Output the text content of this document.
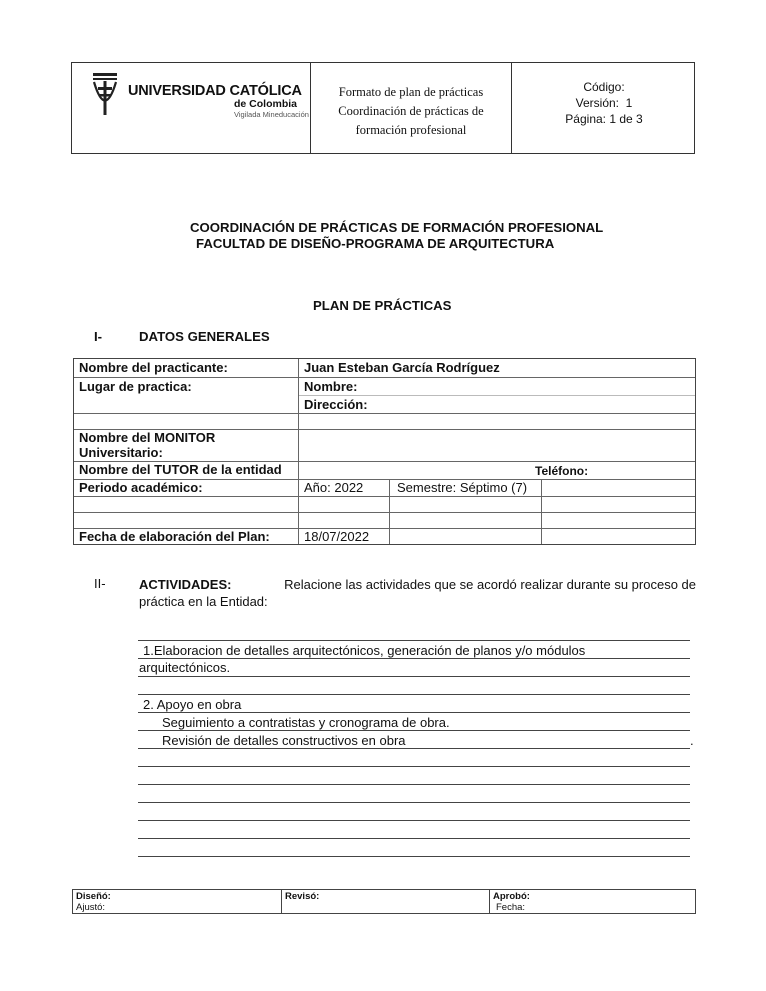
UNIVERSIDAD CATÓLICA
de Colombia
Vigilada Mineducación
Formato de plan de prácticas
Coordinación de prácticas de
formación profesional
Código:
Versión:  1
Página: 1 de 3
COORDINACIÓN DE PRÁCTICAS DE FORMACIÓN PROFESIONAL
FACULTAD DE DISEÑO-PROGRAMA DE ARQUITECTURA
PLAN DE PRÁCTICAS
I-	DATOS GENERALES
Nombre del practicante:	Juan Esteban García Rodríguez
Lugar de practica:	Nombre:
Dirección:
Nombre del MONITOR
Universitario:
Nombre del TUTOR de la entidad	Teléfono:
Periodo académico:	Año: 2022	Semestre: Séptimo (7)
Fecha de elaboración del Plan:	18/07/2022
II-	ACTIVIDADES:	Relacione las actividades que se acordó realizar durante su proceso de
práctica en la Entidad:
1.Elaboracion de detalles arquitectónicos, generación de planos y/o módulos
arquitectónicos.
2. Apoyo en obra
Seguimiento a contratistas y cronograma de obra.
Revisión de detalles constructivos en obra	.
Diseñó:
Ajustó:
Revisó:	Aprobó:
Fecha:
